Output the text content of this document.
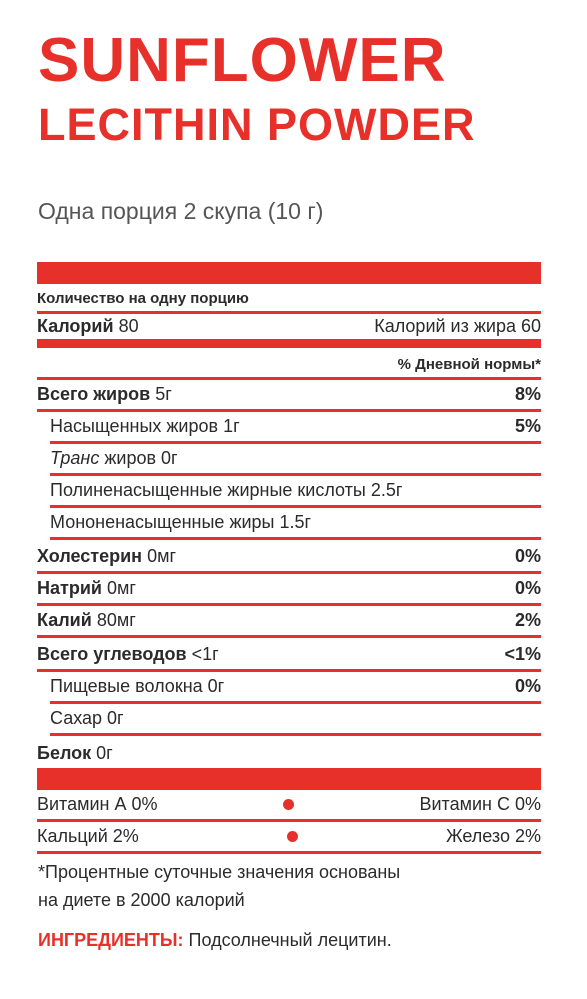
SUNFLOWER
LECITHIN POWDER
Одна порция 2 скупа (10 г)
Количество на одну порцию
Калорий 80	Калорий из жира 60
% Дневной нормы*
Всего жиров 5г	8%
Насыщенных жиров 1г	5%
Транс жиров 0г
Полиненасыщенные жирные кислоты 2.5г
Мононенасыщенные жиры 1.5г
Холестерин 0мг	0%
Натрий 0мг	0%
Калий 80мг	2%
Всего углеводов <1г	<1%
Пищевые волокна 0г	0%
Сахар 0г
Белок 0г
Витамин А 0%	Витамин С 0%
Кальций 2%	Железо 2%
*Процентные суточные значения основаны
на диете в 2000 калорий
ИНГРЕДИЕНТЫ: Подсолнечный лецитин.
